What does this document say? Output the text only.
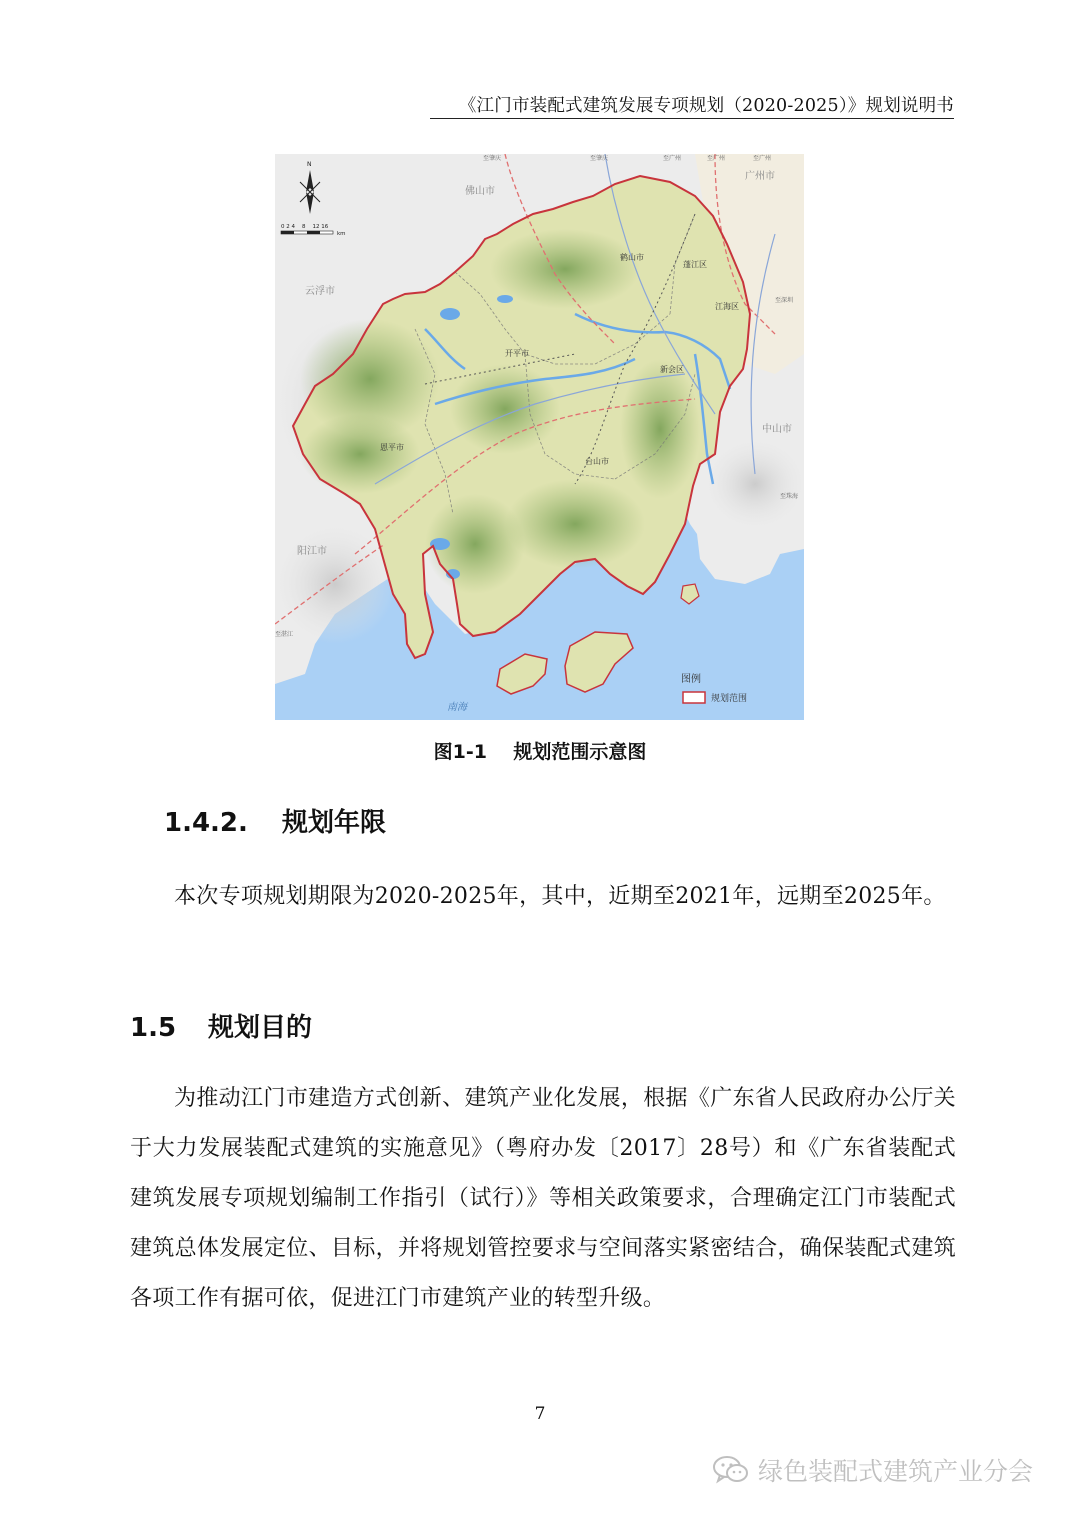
《江门市装配式建筑发展专项规划（2020-2025）》规划说明书
N
0 2 4    8    12 16
km
佛山市
广州市
云浮市
鹤山市
蓬江区
江海区
开平市
新会区
恩平市
台山市
中山市
阳江市
南海
至肇庆	至肇庆	至广州	至广州	至广州
至深圳
至珠海
至湛江
图例
规划范围
图1-1 规划范围示意图
1.4.2. 规划年限
本次专项规划期限为2020-2025年，其中，近期至2021年，远期至2025年。
1.5 规划目的
为推动江门市建造方式创新、建筑产业化发展，根据《广东省人民政府办公厅关于大力发展装配式建筑的实施意见》（粤府办发〔2017〕28号）和《广东省装配式建筑发展专项规划编制工作指引（试行）》等相关政策要求，合理确定江门市装配式建筑总体发展定位、目标，并将规划管控要求与空间落实紧密结合，确保装配式建筑各项工作有据可依，促进江门市建筑产业的转型升级。
7
绿色装配式建筑产业分会
